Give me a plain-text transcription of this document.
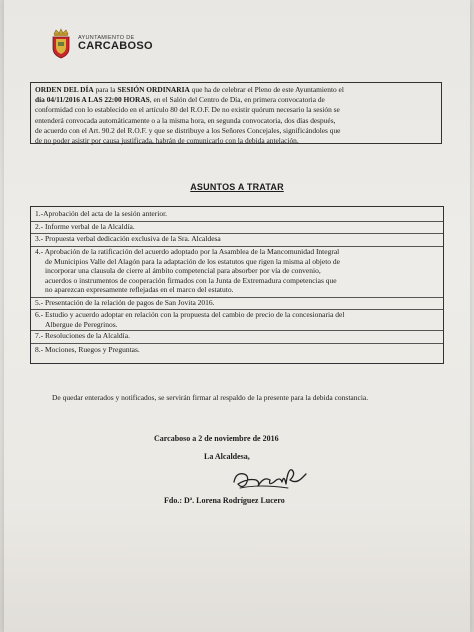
AYUNTAMIENTO DE
CARCABOSO
ORDEN DEL DÍA para la SESIÓN ORDINARIA que ha de celebrar el Pleno de este Ayuntamiento el
día 04/11/2016 A LAS 22:00 HORAS, en el Salón del Centro de Día, en primera convocatoria de
conformidad con lo establecido en el artículo 80 del R.O.F. De no existir quórum necesario la sesión se
entenderá convocada automáticamente o a la misma hora, en segunda convocatoria, dos días después,
de acuerdo con el Art. 90.2 del R.O.F. y que se distribuye a los Señores Concejales, significándoles que
de no poder asistir por causa justificada, habrán de comunicarlo con la debida antelación.
ASUNTOS A TRATAR
1.-Aprobación del acta de la sesión anterior.
2.- Informe verbal de la Alcaldía.
3.- Propuesta verbal dedicación exclusiva de la Sra. Alcaldesa
4.- Aprobación de la ratificación del acuerdo adoptado por la Asamblea de la Mancomunidad Integral

de Municipios Valle del Alagón para la adaptación de los estatutos que rigen la misma al objeto de
incorporar una clausula de cierre al ámbito competencial para absorber por vía de convenio,
acuerdos o instrumentos de cooperación firmados con la Junta de Extremadura competencias que
no aparezcan expresamente reflejadas en el marco del estatuto.
5.- Presentación de la relación de pagos de San Jovita 2016.
6.- Estudio y acuerdo adoptar en relación con la propuesta del cambio de precio de la concesionaria del

Albergue de Peregrinos.
7.- Resoluciones de la Alcaldía.
8.- Mociones, Ruegos y Preguntas.
De quedar enterados y notificados, se servirán firmar al respaldo de la presente para la debida constancia.
Carcaboso a 2 de noviembre de 2016
La Alcaldesa,
Fdo.: Dª. Lorena Rodríguez Lucero
